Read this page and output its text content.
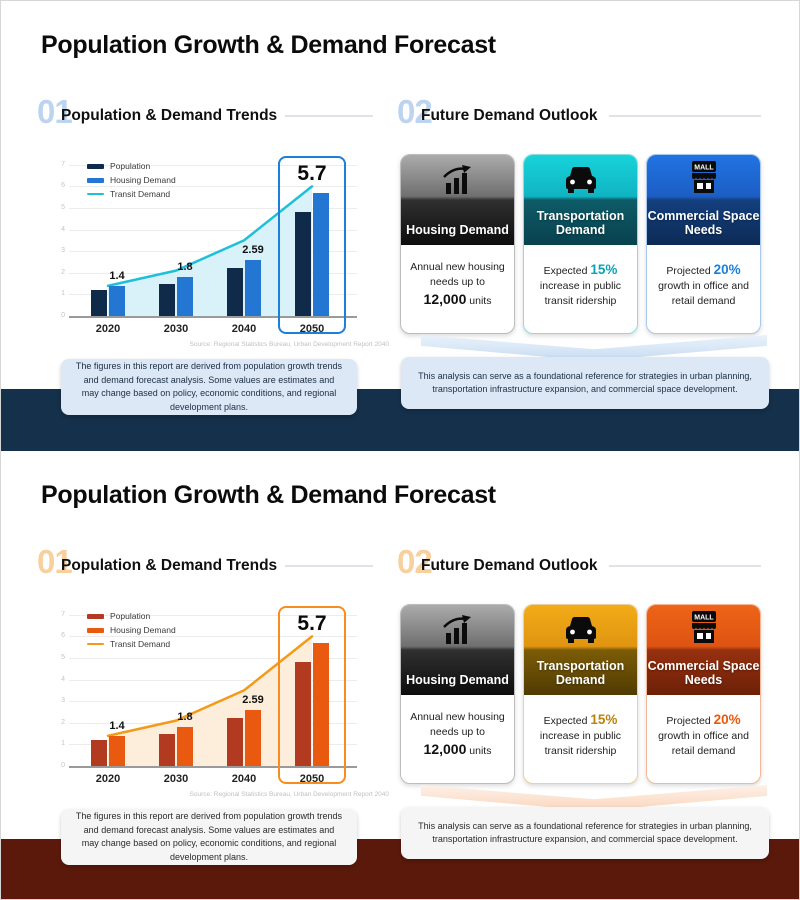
Population Growth & Demand Forecast
01
Population & Demand Trends	02
Future Demand Outlook
Population
Housing Demand
Transit Demand
Source: Regional Statistics Bureau, Urban Development Report 2040
0
1
2
3
4
5
6
7
2020
1.4
2030
1.8
2040
2.59
2050
5.7
Housing Demand
Annual new housing needs up to 12,000 units
Transportation Demand
Expected 15% increase in public transit ridership
MALL
Commercial Space Needs
Projected 20% growth in office and retail demand
The figures in this report are derived from population growth trends and demand forecast analysis. Some values are estimates and may change based on policy, economic conditions, and regional development plans.
This analysis can serve as a foundational reference for strategies in urban planning, transportation infrastructure expansion, and commercial space development.
Population Growth & Demand Forecast
01
Population & Demand Trends	02
Future Demand Outlook
Population
Housing Demand
Transit Demand
Source: Regional Statistics Bureau, Urban Development Report 2040
0
1
2
3
4
5
6
7
2020
1.4
2030
1.8
2040
2.59
2050
5.7
Housing Demand
Annual new housing needs up to 12,000 units
Transportation Demand
Expected 15% increase in public transit ridership
MALL
Commercial Space Needs
Projected 20% growth in office and retail demand
The figures in this report are derived from population growth trends and demand forecast analysis. Some values are estimates and may change based on policy, economic conditions, and regional development plans.
This analysis can serve as a foundational reference for strategies in urban planning, transportation infrastructure expansion, and commercial space development.
